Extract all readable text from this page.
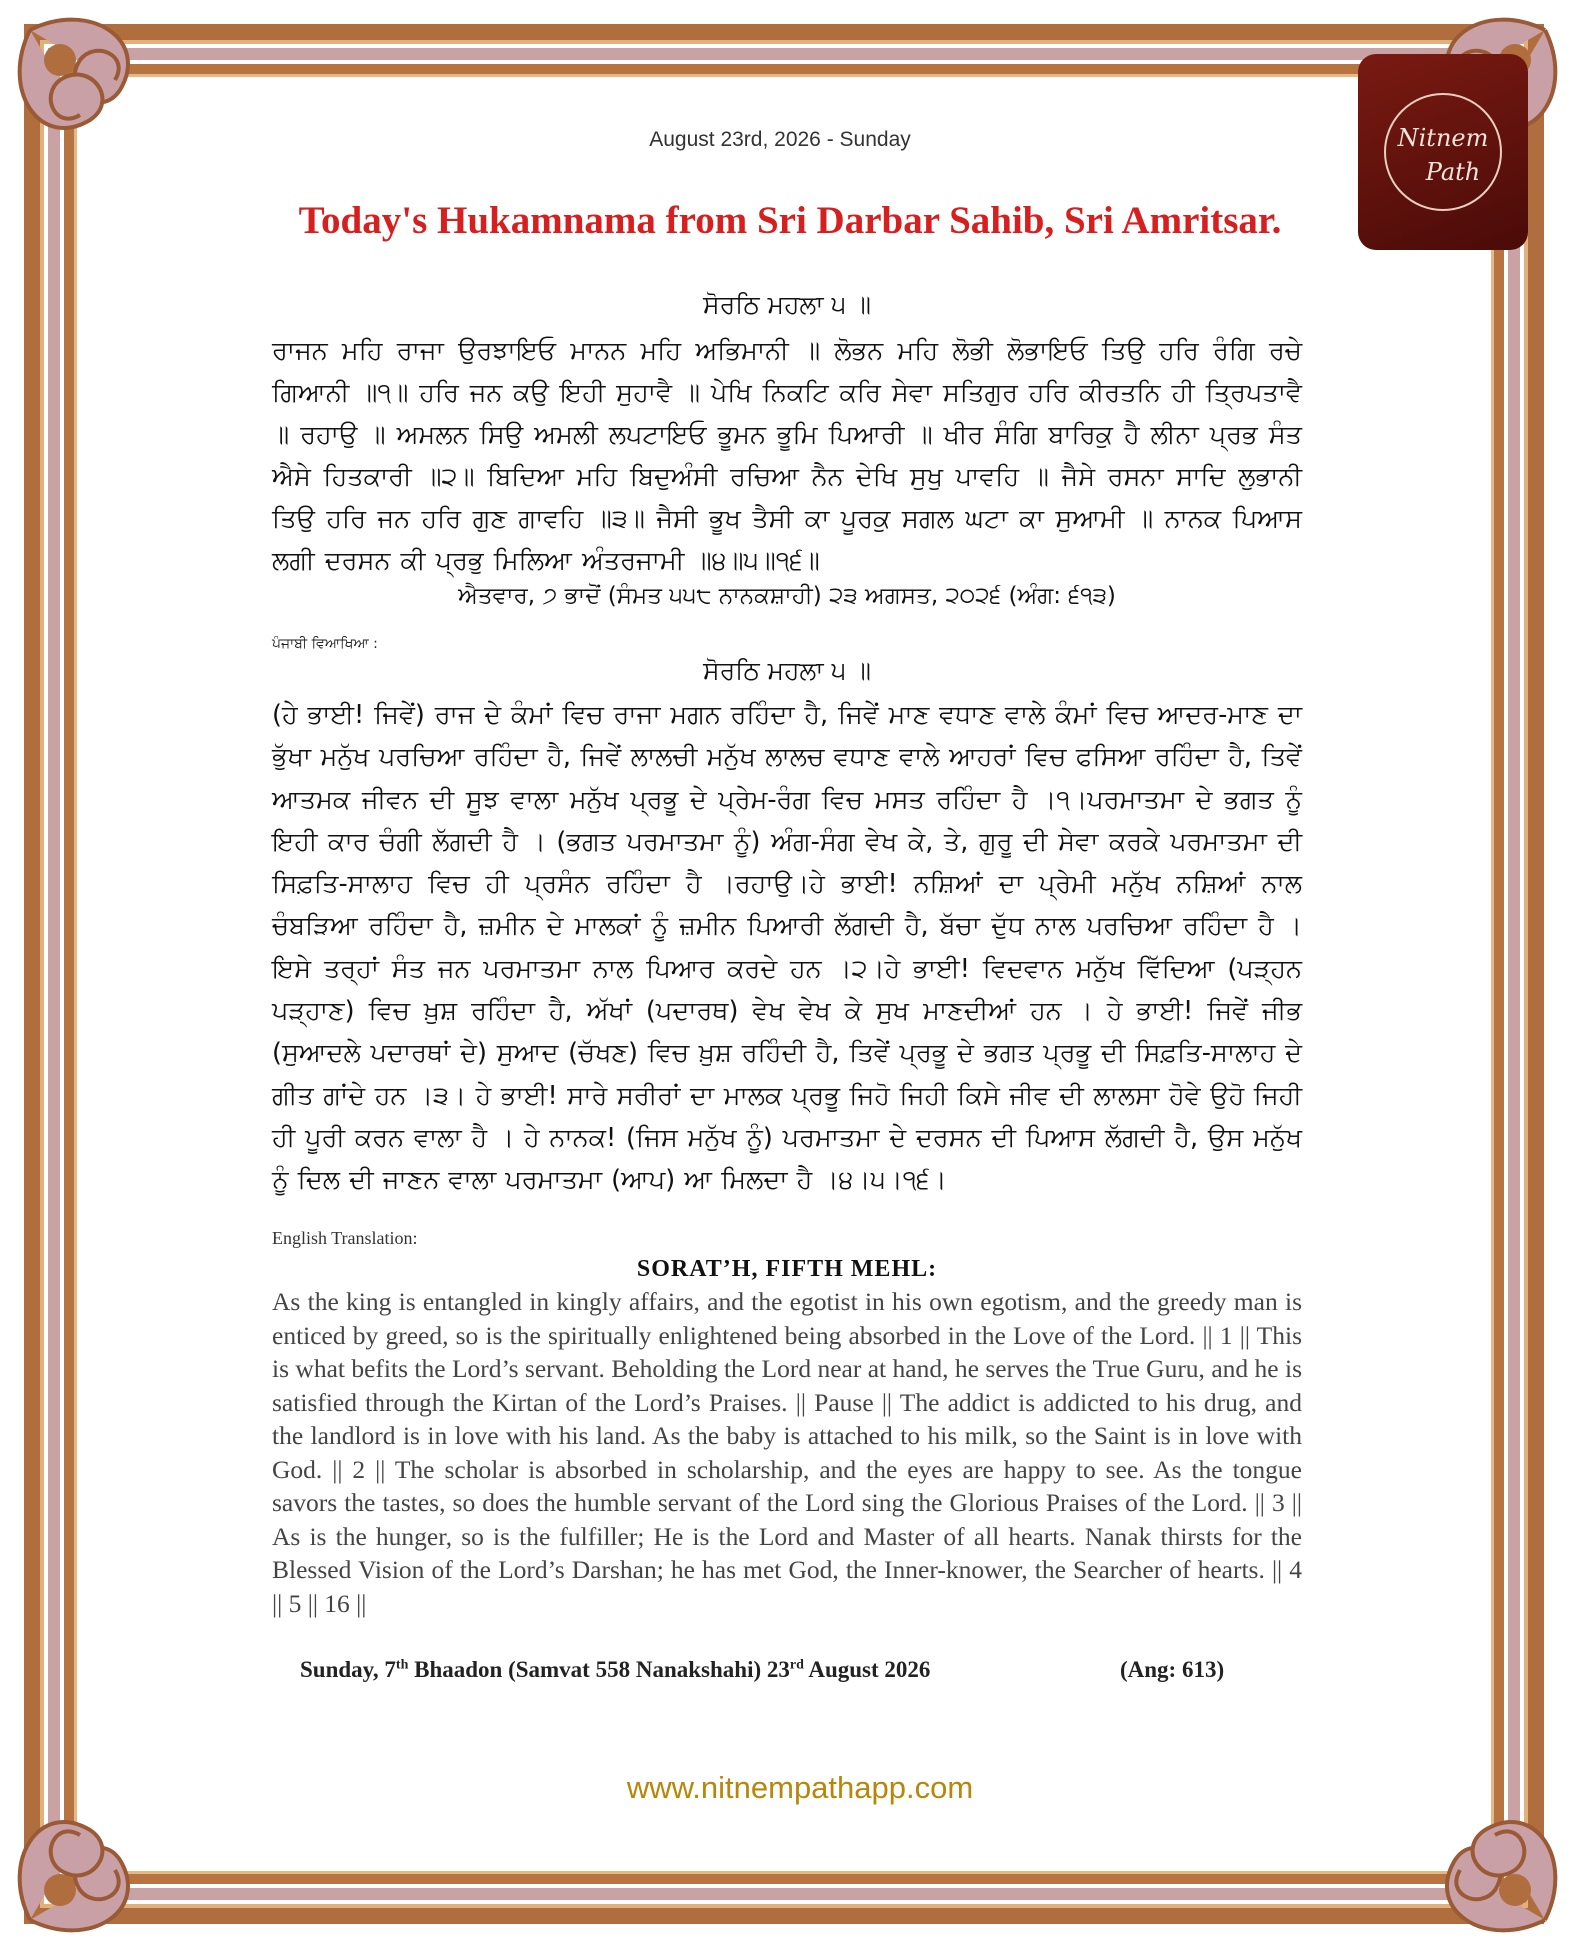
Nitnem
Path
August 23rd, 2026 - Sunday
Today's Hukamnama from Sri Darbar Sahib, Sri Amritsar.
ਸੋਰਠਿ ਮਹਲਾ ੫ ॥
ਰਾਜਨ ਮਹਿ ਰਾਜਾ ਉਰਝਾਇਓ ਮਾਨਨ ਮਹਿ ਅਭਿਮਾਨੀ ॥ ਲੋਭਨ ਮਹਿ ਲੋਭੀ ਲੋਭਾਇਓ ਤਿਉ ਹਰਿ ਰੰਗਿ ਰਚੇ ਗਿਆਨੀ ॥੧॥ ਹਰਿ ਜਨ ਕਉ ਇਹੀ ਸੁਹਾਵੈ ॥ ਪੇਖਿ ਨਿਕਟਿ ਕਰਿ ਸੇਵਾ ਸਤਿਗੁਰ ਹਰਿ ਕੀਰਤਨਿ ਹੀ ਤ੍ਰਿਪਤਾਵੈ ॥ ਰਹਾਉ ॥ ਅਮਲਨ ਸਿਉ ਅਮਲੀ ਲਪਟਾਇਓ ਭੂਮਨ ਭੂਮਿ ਪਿਆਰੀ ॥ ਖੀਰ ਸੰਗਿ ਬਾਰਿਕੁ ਹੈ ਲੀਨਾ ਪ੍ਰਭ ਸੰਤ ਐਸੇ ਹਿਤਕਾਰੀ ॥੨॥ ਬਿਦਿਆ ਮਹਿ ਬਿਦੁਅੰਸੀ ਰਚਿਆ ਨੈਨ ਦੇਖਿ ਸੁਖੁ ਪਾਵਹਿ ॥ ਜੈਸੇ ਰਸਨਾ ਸਾਦਿ ਲੁਭਾਨੀ ਤਿਉ ਹਰਿ ਜਨ ਹਰਿ ਗੁਣ ਗਾਵਹਿ ॥੩॥ ਜੈਸੀ ਭੂਖ ਤੈਸੀ ਕਾ ਪੂਰਕੁ ਸਗਲ ਘਟਾ ਕਾ ਸੁਆਮੀ ॥ ਨਾਨਕ ਪਿਆਸ ਲਗੀ ਦਰਸਨ ਕੀ ਪ੍ਰਭੁ ਮਿਲਿਆ ਅੰਤਰਜਾਮੀ ॥੪॥੫॥੧੬॥
ਐਤਵਾਰ, ੭ ਭਾਦੋਂ (ਸੰਮਤ ੫੫੮ ਨਾਨਕਸ਼ਾਹੀ) ੨੩ ਅਗਸਤ, ੨੦੨੬ (ਅੰਗ: ੬੧੩)
ਪੰਜਾਬੀ ਵਿਆਖਿਆ :
ਸੋਰਠਿ ਮਹਲਾ ੫ ॥
(ਹੇ ਭਾਈ! ਜਿਵੇਂ) ਰਾਜ ਦੇ ਕੰਮਾਂ ਵਿਚ ਰਾਜਾ ਮਗਨ ਰਹਿੰਦਾ ਹੈ, ਜਿਵੇਂ ਮਾਣ ਵਧਾਣ ਵਾਲੇ ਕੰਮਾਂ ਵਿਚ ਆਦਰ-ਮਾਣ ਦਾ ਭੁੱਖਾ ਮਨੁੱਖ ਪਰਚਿਆ ਰਹਿੰਦਾ ਹੈ, ਜਿਵੇਂ ਲਾਲਚੀ ਮਨੁੱਖ ਲਾਲਚ ਵਧਾਣ ਵਾਲੇ ਆਹਰਾਂ ਵਿਚ ਫਸਿਆ ਰਹਿੰਦਾ ਹੈ, ਤਿਵੇਂ ਆਤਮਕ ਜੀਵਨ ਦੀ ਸੂਝ ਵਾਲਾ ਮਨੁੱਖ ਪ੍ਰਭੂ ਦੇ ਪ੍ਰੇਮ-ਰੰਗ ਵਿਚ ਮਸਤ ਰਹਿੰਦਾ ਹੈ ।੧।ਪਰਮਾਤਮਾ ਦੇ ਭਗਤ ਨੂੰ ਇਹੀ ਕਾਰ ਚੰਗੀ ਲੱਗਦੀ ਹੈ । (ਭਗਤ ਪਰਮਾਤਮਾ ਨੂੰ) ਅੰਗ-ਸੰਗ ਵੇਖ ਕੇ, ਤੇ, ਗੁਰੂ ਦੀ ਸੇਵਾ ਕਰਕੇ ਪਰਮਾਤਮਾ ਦੀ ਸਿਫ਼ਤਿ-ਸਾਲਾਹ ਵਿਚ ਹੀ ਪ੍ਰਸੰਨ ਰਹਿੰਦਾ ਹੈ ।ਰਹਾਉ।ਹੇ ਭਾਈ! ਨਸ਼ਿਆਂ ਦਾ ਪ੍ਰੇਮੀ ਮਨੁੱਖ ਨਸ਼ਿਆਂ ਨਾਲ ਚੰਬੜਿਆ ਰਹਿੰਦਾ ਹੈ, ਜ਼ਮੀਨ ਦੇ ਮਾਲਕਾਂ ਨੂੰ ਜ਼ਮੀਨ ਪਿਆਰੀ ਲੱਗਦੀ ਹੈ, ਬੱਚਾ ਦੁੱਧ ਨਾਲ ਪਰਚਿਆ ਰਹਿੰਦਾ ਹੈ । ਇਸੇ ਤਰ੍ਹਾਂ ਸੰਤ ਜਨ ਪਰਮਾਤਮਾ ਨਾਲ ਪਿਆਰ ਕਰਦੇ ਹਨ ।੨।ਹੇ ਭਾਈ! ਵਿਦਵਾਨ ਮਨੁੱਖ ਵਿੱਦਿਆ (ਪੜ੍ਹਨ ਪੜ੍ਹਾਣ) ਵਿਚ ਖ਼ੁਸ਼ ਰਹਿੰਦਾ ਹੈ, ਅੱਖਾਂ (ਪਦਾਰਥ) ਵੇਖ ਵੇਖ ਕੇ ਸੁਖ ਮਾਣਦੀਆਂ ਹਨ । ਹੇ ਭਾਈ! ਜਿਵੇਂ ਜੀਭ (ਸੁਆਦਲੇ ਪਦਾਰਥਾਂ ਦੇ) ਸੁਆਦ (ਚੱਖਣ) ਵਿਚ ਖ਼ੁਸ਼ ਰਹਿੰਦੀ ਹੈ, ਤਿਵੇਂ ਪ੍ਰਭੂ ਦੇ ਭਗਤ ਪ੍ਰਭੂ ਦੀ ਸਿਫ਼ਤਿ-ਸਾਲਾਹ ਦੇ ਗੀਤ ਗਾਂਦੇ ਹਨ ।੩। ਹੇ ਭਾਈ! ਸਾਰੇ ਸਰੀਰਾਂ ਦਾ ਮਾਲਕ ਪ੍ਰਭੂ ਜਿਹੋ ਜਿਹੀ ਕਿਸੇ ਜੀਵ ਦੀ ਲਾਲਸਾ ਹੋਵੇ ਉਹੋ ਜਿਹੀ ਹੀ ਪੂਰੀ ਕਰਨ ਵਾਲਾ ਹੈ । ਹੇ ਨਾਨਕ! (ਜਿਸ ਮਨੁੱਖ ਨੂੰ) ਪਰਮਾਤਮਾ ਦੇ ਦਰਸਨ ਦੀ ਪਿਆਸ ਲੱਗਦੀ ਹੈ, ਉਸ ਮਨੁੱਖ ਨੂੰ ਦਿਲ ਦੀ ਜਾਣਨ ਵਾਲਾ ਪਰਮਾਤਮਾ (ਆਪ) ਆ ਮਿਲਦਾ ਹੈ ।੪।੫।੧੬।
English Translation:
SORAT’H, FIFTH MEHL:
As the king is entangled in kingly affairs, and the egotist in his own egotism, and the greedy man is enticed by greed, so is the spiritually enlightened being absorbed in the Love of the Lord. || 1 || This is what befits the Lord’s servant. Beholding the Lord near at hand, he serves the True Guru, and he is satisfied through the Kirtan of the Lord’s Praises. || Pause || The addict is addicted to his drug, and the landlord is in love with his land. As the baby is attached to his milk, so the Saint is in love with God. || 2 || The scholar is absorbed in scholarship, and the eyes are happy to see. As the tongue savors the tastes, so does the humble servant of the Lord sing the Glorious Praises of the Lord. || 3 || As is the hunger, so is the fulfiller; He is the Lord and Master of all hearts. Nanak thirsts for the Blessed Vision of the Lord’s Darshan; he has met God, the Inner-knower, the Searcher of hearts. || 4 || 5 || 16 ||
Sunday, 7th Bhaadon (Samvat 558 Nanakshahi) 23rd August 2026	(Ang: 613)
www.nitnempathapp.com
